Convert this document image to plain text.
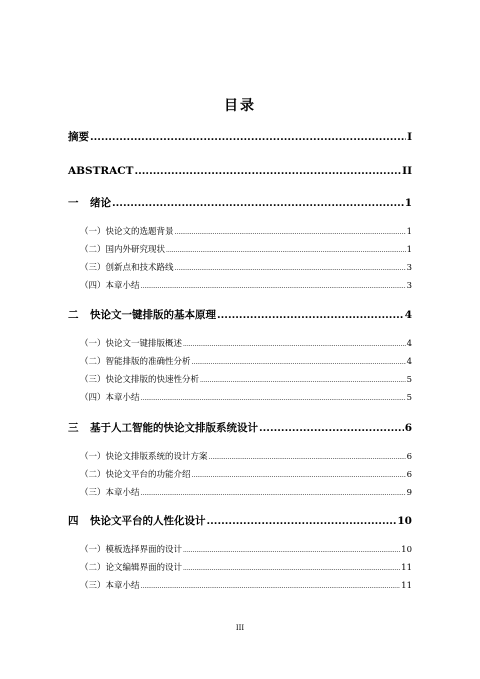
目录
摘要 .....	I
ABSTRACT .....	II
一	绪论 .....	1
（一）快论文的选题背景 .....	1
（二）国内外研究现状 .....	1
（三）创新点和技术路线 .....	3
（四）本章小结 .....	3
二	快论文一键排版的基本原理 .....	4
（一）快论文一键排版概述 .....	4
（二）智能排版的准确性分析 .....	4
（三）快论文排版的快速性分析 .....	5
（四）本章小结 .....	5
三	基于人工智能的快论文排版系统设计 .....	6
（一）快论文排版系统的设计方案 .....	6
（二）快论文平台的功能介绍 .....	6
（三）本章小结 .....	9
四	快论文平台的人性化设计 .....	10
（一）模板选择界面的设计 .....	10
（二）论文编辑界面的设计 .....	11
（三）本章小结 .....	11
III
